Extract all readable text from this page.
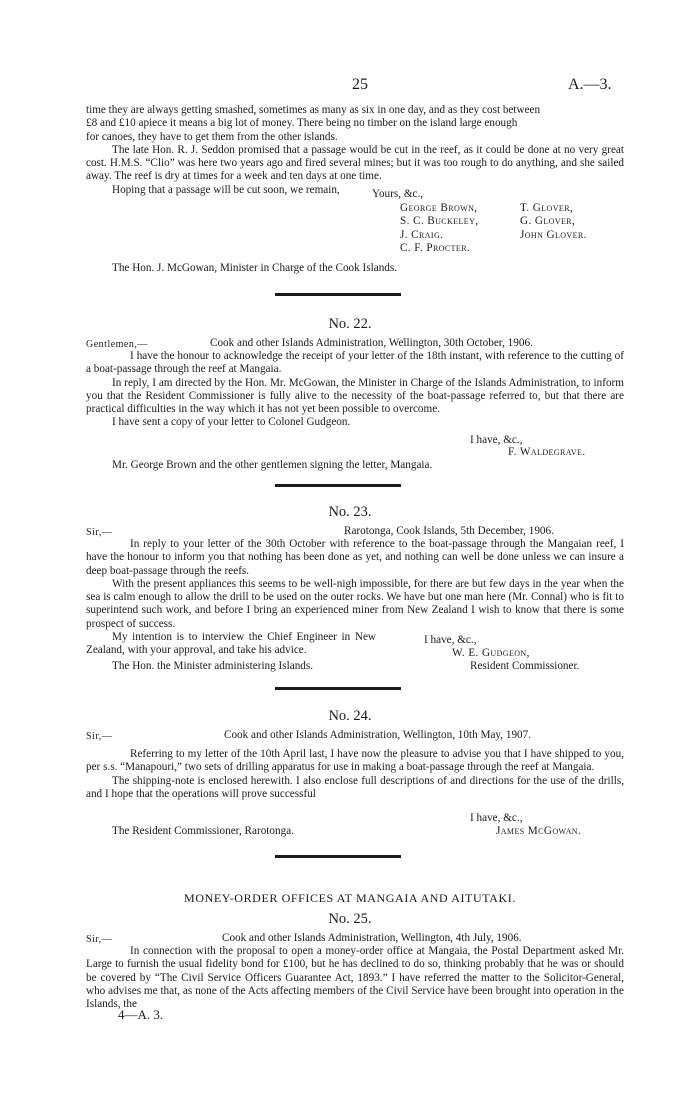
25	A.—3.

time they are always getting smashed, sometimes as many as six in one day, and as they cost between

£8 and £10 apiece it means a big lot of money. There being no timber on the island large enough

for canoes, they have to get them from the other islands.

The late Hon. R. J. Seddon promised that a passage would be cut in the reef, as it could be done at no very great cost. H.M.S. “Clio” was here two years ago and fired several mines; but it was too rough to do anything, and she sailed away. The reef is dry at times for a week and ten days at one time.

Hoping that a passage will be cut soon, we remain,	Yours, &c.,
George Brown,
S. C. Buckeley,
J. Craig.
C. F. Procter.
T. Glover,
G. Glover,
John Glover.
The Hon. J. McGowan, Minister in Charge of the Cook Islands.
No. 22.
Gentlemen,—	Cook and other Islands Administration, Wellington, 30th October, 1906.

I have the honour to acknowledge the receipt of your letter of the 18th instant, with reference to the cutting of a boat-passage through the reef at Mangaia.

In reply, I am directed by the Hon. Mr. McGowan, the Minister in Charge of the Islands Administration, to inform you that the Resident Commissioner is fully alive to the necessity of the boat-passage referred to, but that there are practical difficulties in the way which it has not yet been possible to overcome.

I have sent a copy of your letter to Colonel Gudgeon.

I have, &c.,
F. Waldegrave.
Mr. George Brown and the other gentlemen signing the letter, Mangaia.
No. 23.
Sir,—	Rarotonga, Cook Islands, 5th December, 1906.

In reply to your letter of the 30th October with reference to the boat-passage through the Mangaian reef, I have the honour to inform you that nothing has been done as yet, and nothing can well be done unless we can insure a deep boat-passage through the reefs.

With the present appliances this seems to be well-nigh impossible, for there are but few days in the year when the sea is calm enough to allow the drill to be used on the outer rocks. We have but one man here (Mr. Connal) who is fit to superintend such work, and before I bring an experienced miner from New Zealand I wish to know that there is some prospect of success.

My intention is to interview the Chief Engineer in New Zealand, with your approval, and take his advice.

I have, &c.,
W. E. Gudgeon,
The Hon. the Minister administering Islands.	Resident Commissioner.
No. 24.
Sir,—	Cook and other Islands Administration, Wellington, 10th May, 1907.

Referring to my letter of the 10th April last, I have now the pleasure to advise you that I have shipped to you, per s.s. “Manapouri,” two sets of drilling apparatus for use in making a boat-passage through the reef at Mangaia.

The shipping-note is enclosed herewith. I also enclose full descriptions of and directions for the use of the drills, and I hope that the operations will prove successful

I have, &c.,
The Resident Commissioner, Rarotonga.	James McGowan.
MONEY-ORDER OFFICES AT MANGAIA AND AITUTAKI.
No. 25.
Sir,—	Cook and other Islands Administration, Wellington, 4th July, 1906.

In connection with the proposal to open a money-order office at Mangaia, the Postal Department asked Mr. Large to furnish the usual fidelity bond for £100, but he has declined to do so, thinking probably that he was or should be covered by “The Civil Service Officers Guarantee Act, 1893.” I have referred the matter to the Solicitor-General, who advises me that, as none of the Acts affecting members of the Civil Service have been brought into operation in the Islands, the

4—A. 3.
